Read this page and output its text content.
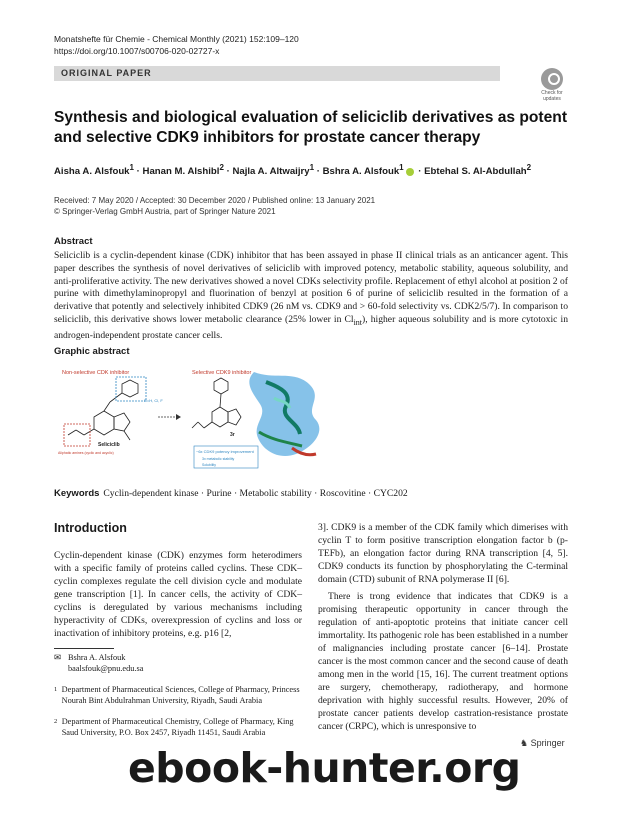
Monatshefte für Chemie - Chemical Monthly (2021) 152:109–120
https://doi.org/10.1007/s00706-020-02727-x
ORIGINAL PAPER
Check for updates
Synthesis and biological evaluation of seliciclib derivatives as potent and selective CDK9 inhibitors for prostate cancer therapy
Aisha A. Alsfouk$^1$ · Hanan M. Alshibl$^2$ · Najla A. Altwaijry$^1$ · Bshra A. Alsfouk$^1$ · Ebtehal S. Al-Abdullah$^2$
Received: 7 May 2020 / Accepted: 30 December 2020 / Published online: 13 January 2021
© Springer-Verlag GmbH Austria, part of Springer Nature 2021
Abstract
Seliciclib is a cyclin-dependent kinase (CDK) inhibitor that has been assayed in phase II clinical trials as an anticancer agent. This paper describes the synthesis of novel derivatives of seliciclib with improved potency, metabolic stability, aqueous solubility, and anti-proliferative activity. The new derivatives showed a novel CDKs selectivity profile. Replacement of ethyl alcohol at position 2 of purine with dimethylaminopropyl and fluorination of benzyl at position 6 of purine of seliciclib resulted in the formation of a derivative that potently and selectively inhibited CDK9 (26 nM vs. CDK9 and > 60-fold selectivity vs. CDK2/5/7). In comparison to seliciclib, this derivative shows lower metabolic clearance (25% lower in $Cl_{int}$), higher aqueous solubility and is more cytotoxic in androgen-independent prostate cancer cells.
Graphic abstract
Non-selective CDK inhibitor
R=H, Cl, F
Aliphatic amines (cyclic and acyclic)
Seliciclib
Selective CDK9 inhibitor
3r
~6x CDK9 potency improvement
3x metabolic stability
Solubility
Keywords Cyclin-dependent kinase · Purine · Metabolic stability · Roscovitine · CYC202
Introduction

Cyclin-dependent kinase (CDK) enzymes form heterodimers with a specific family of proteins called cyclins. These CDK–cyclin complexes regulate the cell division cycle and modulate gene transcription [1]. In cancer cells, the activity of CDK–cyclins is deregulated by various mechanisms including hyperactivity of CDKs, overexpression of cyclins and loss or inactivation of inhibitory proteins, e.g. p16 [2,

✉ Bshra A. Alsfouk
baalsfouk@pnu.edu.sa
1 Department of Pharmaceutical Sciences, College of Pharmacy, Princess Nourah Bint Abdulrahman University, Riyadh, Saudi Arabia
2 Department of Pharmaceutical Chemistry, College of Pharmacy, King Saud University, P.O. Box 2457, Riyadh 11451, Saudi Arabia

3]. CDK9 is a member of the CDK family which dimerises with cyclin T to form positive transcription elongation factor b (p-TEFb), an elongation factor during RNA transcription [4, 5]. CDK9 conducts its function by phosphorylating the C-terminal domain (CTD) subunit of RNA polymerase II [6].

There is trong evidence that indicates that CDK9 is a promising therapeutic opportunity in cancer through the regulation of anti-apoptotic proteins that initiate cancer cell immortality. Its pathogenic role has been established in a number of malignancies including prostate cancer [6–14]. Prostate cancer is the most common cancer and the second cause of death among men in the world [15, 16]. The current treatment options are surgery, chemotherapy, radiotherapy, and hormone deprivation with highly successful results. However, 20% of prostate cancer patients develop castration-resistance prostate cancer (CRPC), which is unresponsive to

♞ Springer
ebook-hunter.org
